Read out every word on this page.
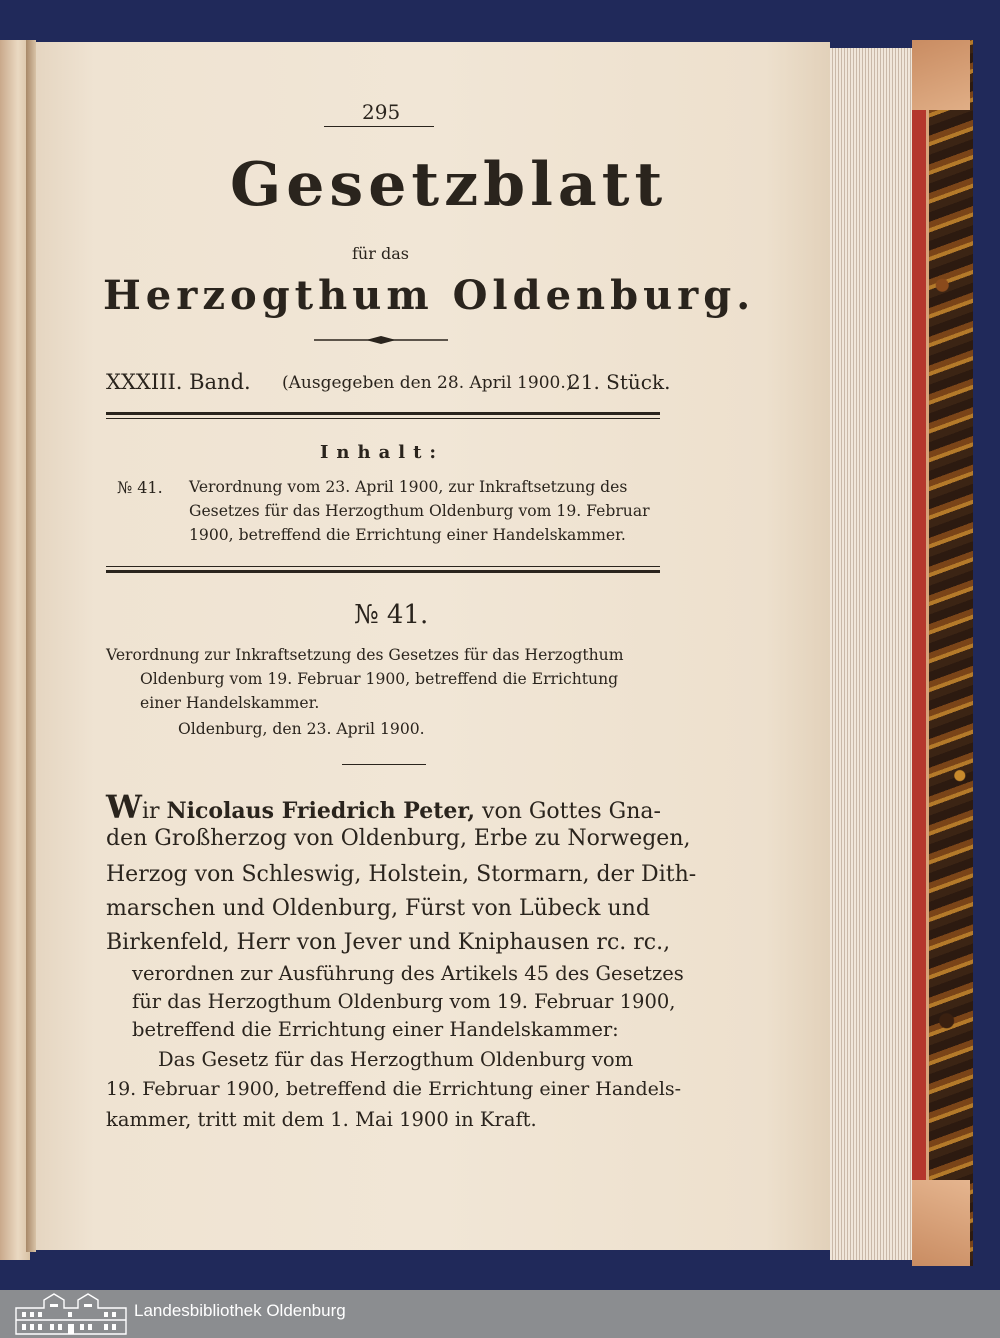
295
Gesetzblatt
für das
Herzogthum Oldenburg.
XXXIII. Band. (Ausgegeben den 28. April 1900.)
21. Stück.
Inhalt:
№ 41. Verordnung vom 23. April 1900, zur Inkraftsetzung des
Gesetzes für das Herzogthum Oldenburg vom 19. Februar
1900, betreffend die Errichtung einer Handelskammer.
№ 41.
Verordnung zur Inkraftsetzung des Gesetzes für das Herzogthum
Oldenburg vom 19. Februar 1900, betreffend die Errichtung
einer Handelskammer.
Oldenburg, den 23. April 1900.
Wir Nicolaus Friedrich Peter, von Gottes Gna-
den Großherzog von Oldenburg, Erbe zu Norwegen,
Herzog von Schleswig, Holstein, Stormarn, der Dith-
marschen und Oldenburg, Fürst von Lübeck und
Birkenfeld, Herr von Jever und Kniphausen rc. rc.,
verordnen zur Ausführung des Artikels 45 des Gesetzes
für das Herzogthum Oldenburg vom 19. Februar 1900,
betreffend die Errichtung einer Handelskammer:
Das Gesetz für das Herzogthum Oldenburg vom
19. Februar 1900, betreffend die Errichtung einer Handels-
kammer, tritt mit dem 1. Mai 1900 in Kraft.
Landesbibliothek Oldenburg
